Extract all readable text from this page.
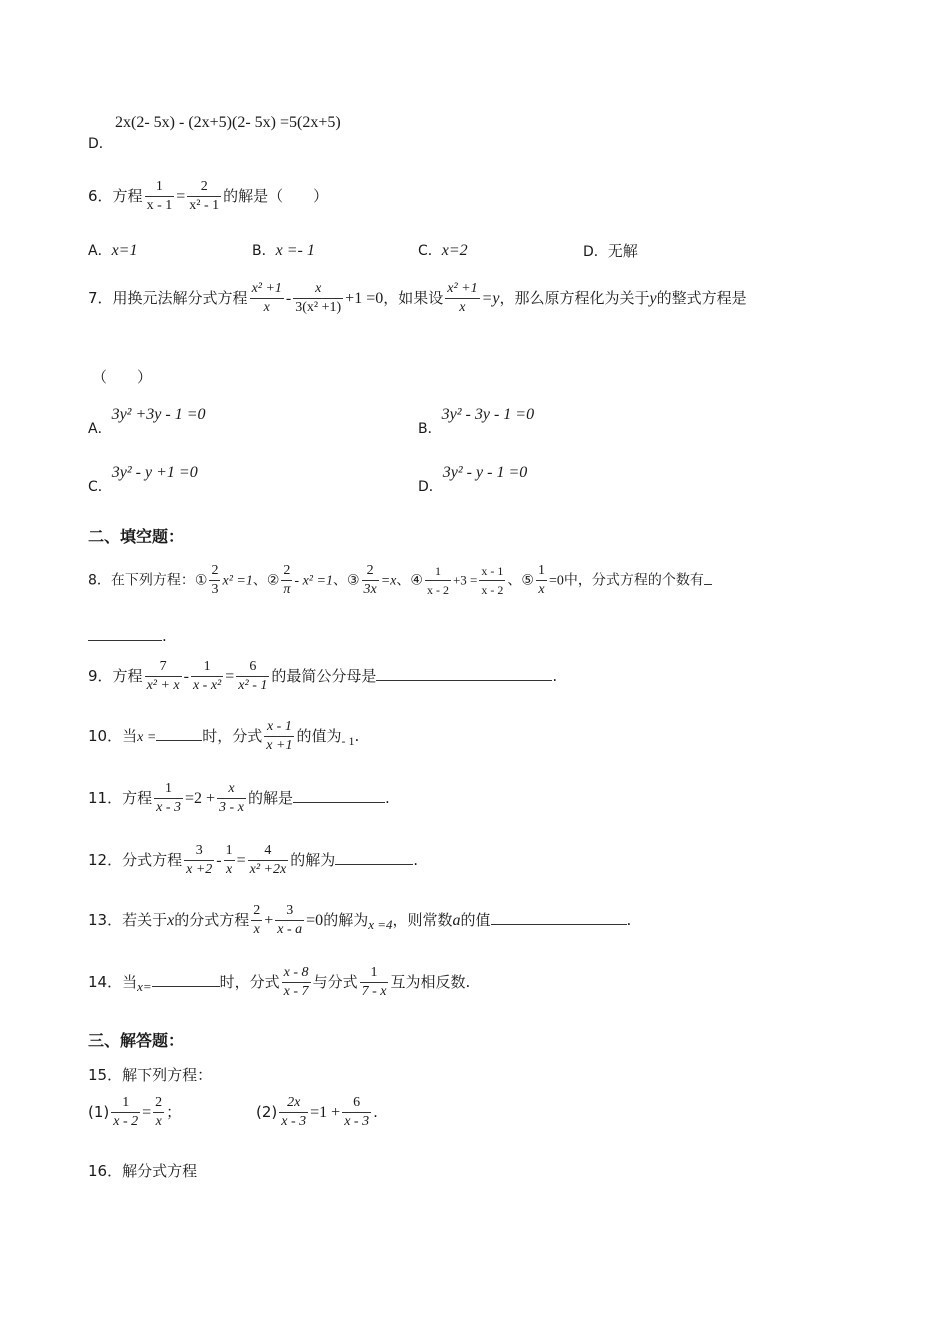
2x(2- 5x) - (2x+5)(2- 5x) =5(2x+5)
D．
6．方程 $\frac{1}{x - 1} = \frac{2}{\text{x² - 1}}$ 的解是（　　）
A．x=1	B．x =- 1	C．x=2	D．无解
7．用换元法解分式方程 $\frac{\text{x² +1}}{x} - \frac{x}{\text{3(x² +1)}} +1 =0$，如果设 $\frac{\text{x² +1}}{x} =y$，那么原方程化为关于y的整式方程是
（　　）
A．3y² +3y - 1 =0
B．3y² - 3y - 1 =0
C．3y² - y +1 =0
D．3y² - y - 1 =0
二、填空题：
8．在下列方程：① $\frac{2}{3} x^2 =1$、② $\frac{2}{\pi} - x^2 =1$、③ $\frac{2}{3x} =x$、④ $\frac{1}{x - 2} +3 = \frac{x - 1}{x - 2}$ 、⑤ $\frac{1}{x} =0$中，分式方程的个数有
.
9．方程 $\frac{7}{\text{x² + x}} - \frac{1}{\text{x - x²}} = \frac{6}{\text{x² - 1}}$ 的最简公分母是	.
10．当x =	时，分式 $\frac{x - 1}{x +1}$ 的值为$_{- 1}$.
11．方程 $\frac{1}{x - 3} =2 + \frac{x}{3 - x}$ 的解是	.
12．分式方程 $\frac{3}{x +2} - \frac{1}{x} = \frac{4}{\text{x² +2x}}$ 的解为	.
13．若关于x的分式方程 $\frac{2}{x} + \frac{3}{x - a} =0$的解为x =4，则常数a的值	.
14．当x=	时，分式 $\frac{x - 8}{x - 7}$ 与分式 $\frac{1}{7 - x}$ 互为相反数.
三、解答题：
15．解下列方程：
$(1) \frac{1}{x - 2} = \frac{2}{x}$ ；	$(2) \frac{2x}{x - 3} =1 + \frac{6}{x - 3}$ .
16．解分式方程
